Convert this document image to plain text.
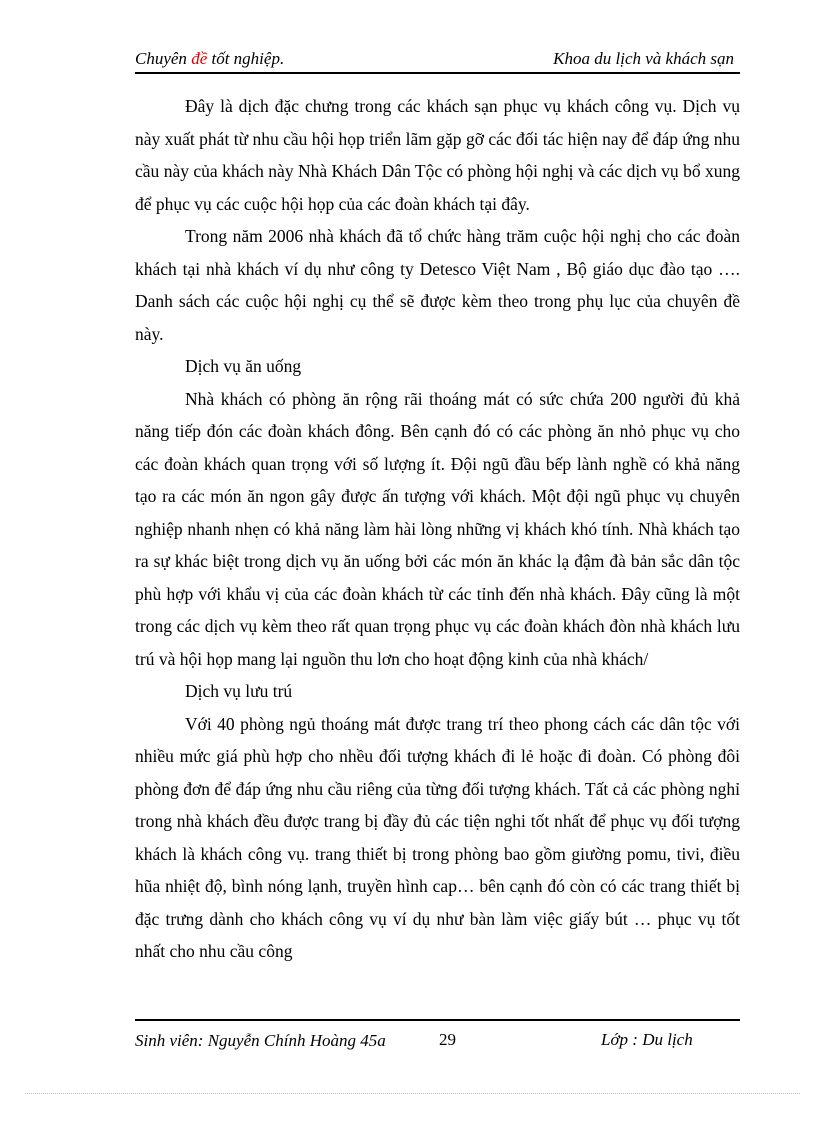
Chuyên đề tốt nghiệp.	Khoa du lịch và khách sạn

Đây là dịch đặc chưng trong các khách sạn phục vụ khách công vụ. Dịch vụ này xuất phát từ nhu cầu hội họp triển lãm gặp gỡ các đối tác hiện nay để đáp ứng nhu cầu này của khách này Nhà Khách Dân Tộc có phòng hội nghị và các dịch vụ bổ xung để phục vụ các cuộc hội họp của các đoàn khách tại đây.

Trong năm 2006 nhà khách đã tổ chức hàng trăm cuộc hội nghị cho các đoàn khách tại nhà khách ví dụ như công ty Detesco Việt Nam , Bộ giáo dục đào tạo …. Danh sách các cuộc hội nghị cụ thể sẽ được kèm theo trong phụ lục của chuyên đề này.

Dịch vụ ăn uống

Nhà khách có phòng ăn rộng rãi thoáng mát có sức chứa 200 người đủ khả năng tiếp đón các đoàn khách đông. Bên cạnh đó có các phòng ăn nhỏ phục vụ cho các đoàn khách quan trọng với số lượng ít. Đội ngũ đầu bếp lành nghề có khả năng tạo ra các món ăn ngon gây được ấn tượng với khách. Một đội ngũ phục vụ chuyên nghiệp nhanh nhẹn có khả năng làm hài lòng những vị khách khó tính. Nhà khách tạo ra sự khác biệt trong dịch vụ ăn uống bởi các món ăn khác lạ đậm đà bản sắc dân tộc phù hợp với khẩu vị của các đoàn khách từ các tỉnh đến nhà khách. Đây cũng là một trong các dịch vụ kèm theo rất quan trọng phục vụ các đoàn khách đòn nhà khách lưu trú và hội họp mang lại nguồn thu lơn cho hoạt động kinh của nhà khách/

Dịch vụ lưu trú

Với 40 phòng ngủ thoáng mát được trang trí theo phong cách các dân tộc với nhiều mức giá phù hợp cho nhều đối tượng khách đi lẻ hoặc đi đoàn. Có phòng đôi phòng đơn để đáp ứng nhu cầu riêng của từng đối tượng khách. Tất cả các phòng nghỉ trong nhà khách đều được trang bị đầy đủ các tiện nghi tốt nhất để phục vụ đối tượng khách là khách công vụ. trang thiết bị trong phòng bao gồm giường pomu, tivi, điều hũa nhiệt độ, bình nóng lạnh, truyền hình cap… bên cạnh đó còn có các trang thiết bị đặc trưng dành cho khách công vụ ví dụ như bàn làm việc giấy bút … phục vụ tốt nhất cho nhu cầu công

Sinh viên: Nguyễn Chính Hoàng 45a	29	Lớp : Du lịch
